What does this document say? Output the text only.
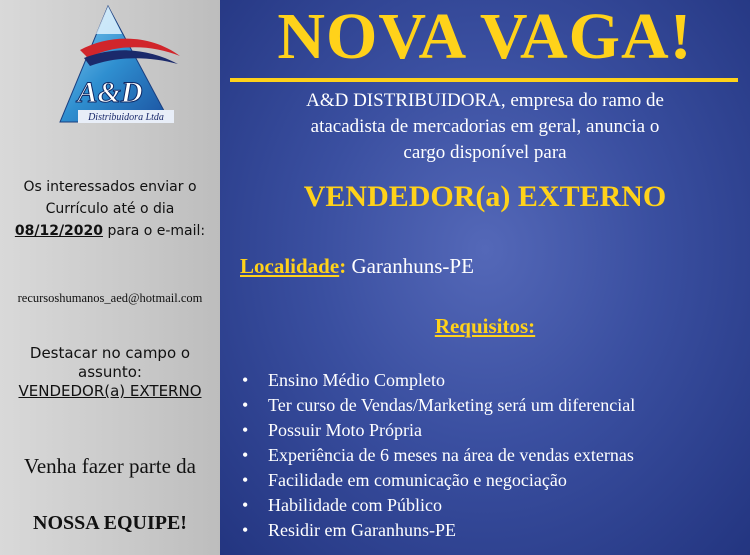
A&D
Distribuidora Ltda
Os interessados enviar o
Currículo até o dia
08/12/2020 para o e-mail:
recursoshumanos_aed@hotmail.com
Destacar no campo o
assunto:
VENDEDOR(a) EXTERNO
Venha fazer parte da
NOSSA EQUIPE!
NOVA VAGA!
A&D DISTRIBUIDORA, empresa do ramo de
atacadista de mercadorias em geral, anuncia o
cargo disponível para
VENDEDOR(a) EXTERNO
Localidade: Garanhuns-PE
Requisitos:
• Ensino Médio Completo
• Ter curso de Vendas/Marketing será um diferencial
• Possuir Moto Própria
• Experiência de 6 meses na área de vendas externas
• Facilidade em comunicação e negociação
• Habilidade com Público
• Residir em Garanhuns-PE
